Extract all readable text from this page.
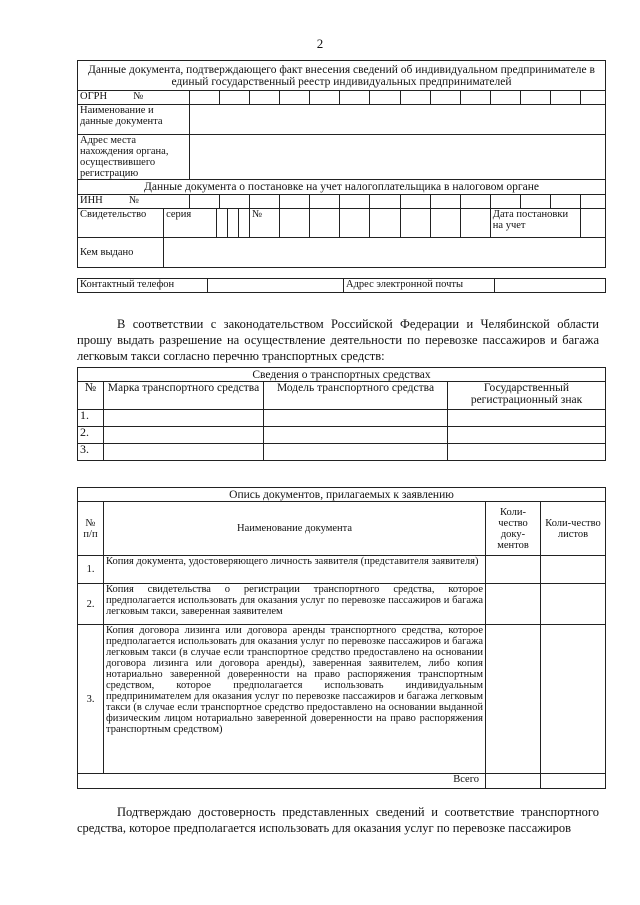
2
Данные документа, подтверждающего факт внесения сведений об индивидуальном предпринимателе в единый государственный реестр индивидуальных предпринимателей															
ОГРН          №															
Наименование и данные документа															
Адрес места нахождения органа, осуществившего регистрацию															
Данные документа о постановке на учет налогоплательщика в налоговом органе															
ИНН          №															
Свидетельство	серия			№								Дата постановки на учет			
Кем выдано															
Контактный телефон		Адрес электронной почты	
В соответствии с законодательством Российской Федерации и Челябинской области прошу выдать разрешение на осуществление деятельности по перевозке пассажиров и багажа легковым такси согласно перечню транспортных средств:
Сведения о транспортных средствах			
№	Марка транспортного средства	Модель транспортного средства	Государственный регистрационный знак
1.			
2.			
3.			
Опись документов, прилагаемых к заявлению			
№ п/п	Наименование документа	Коли-чество доку-ментов	Коли-чество листов
1.	Копия документа, удостоверяющего личность заявителя (представителя заявителя)		
2.	Копия свидетельства о регистрации транспортного средства, которое предполагается использовать для оказания услуг по перевозке пассажиров и багажа легковым такси, заверенная заявителем		
3.	Копия договора лизинга или договора аренды транспортного средства, которое предполагается использовать для оказания услуг по перевозке пассажиров и багажа легковым такси (в случае если транспортное средство предоставлено на основании договора лизинга или договора аренды), заверенная заявителем, либо копия нотариально заверенной доверенности на право распоряжения транспортным средством, которое предполагается использовать индивидуальным предпринимателем для оказания услуг по перевозке пассажиров и багажа легковым такси (в случае если транспортное средство предоставлено на основании выданной физическим лицом нотариально заверенной доверенности на право распоряжения транспортным средством)		
Всего			
Подтверждаю достоверность представленных сведений и соответствие транспортного средства, которое предполагается использовать для оказания услуг по перевозке пассажиров
